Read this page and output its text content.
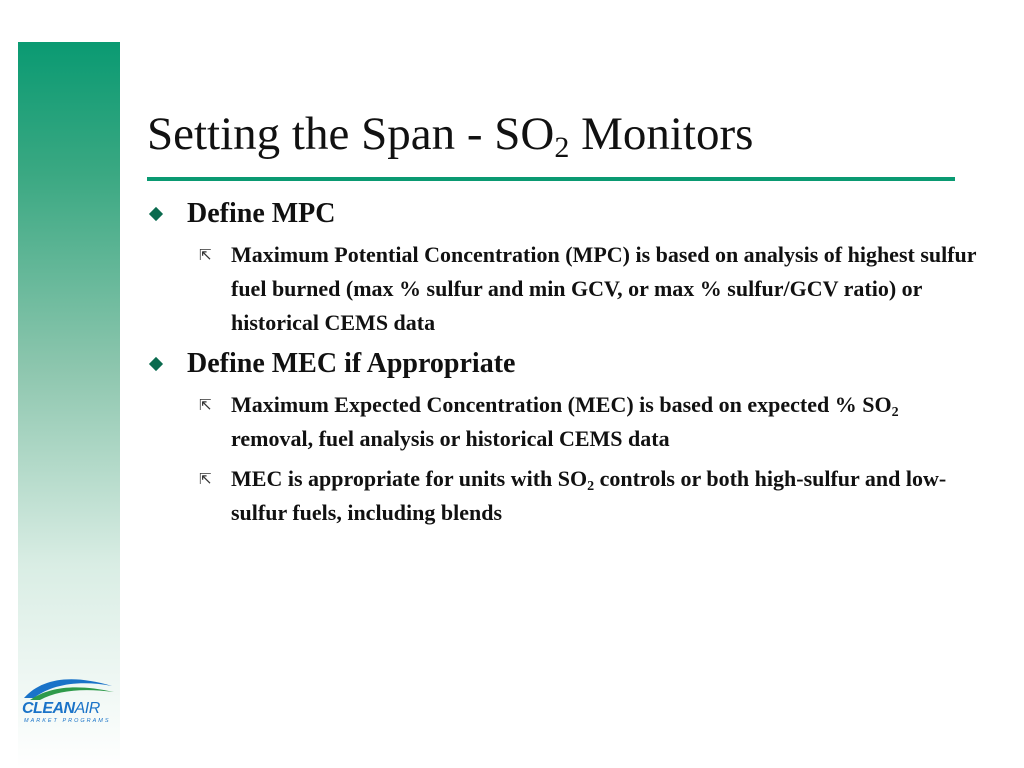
Setting the Span - $SO_2$ Monitors
Define MPC
⇱ Maximum Potential Concentration (MPC) is based on analysis of highest sulfur fuel burned (max % sulfur and min GCV, or max % sulfur/GCV ratio) or historical CEMS data
Define MEC if Appropriate
⇱ Maximum Expected Concentration (MEC) is based on expected % $SO_2$ removal, fuel analysis or historical CEMS data
⇱ MEC is appropriate for units with $SO_2$ controls or both high-sulfur and low-sulfur fuels, including blends
CLEANAIR
MARKET PROGRAMS
